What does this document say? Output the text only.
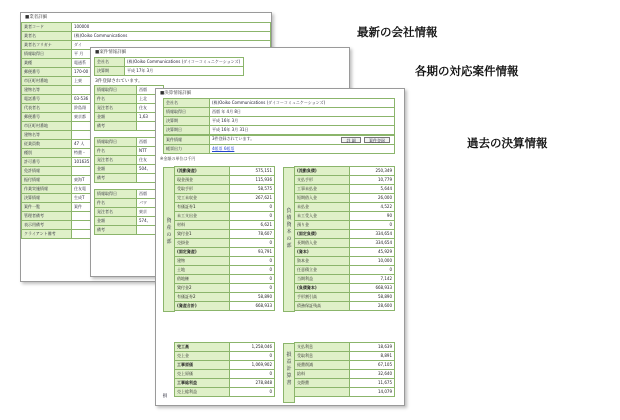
■業者詳細
業者コード	100000
業者名	(株)Ooiko Communications
業者名フリガナ	ダイ
情報取得日	平 月
業種	電通系
郵便番号	170-00
市区町村番地	上東
建物名等	
電話番号	03-536
代表者名	鈴島翔
郵便番号	東京都
市区町村番地	
建物名等	
従業員数	47 人
種別	特費・
許可番号	101635
免許情報	
振付情報	東海T
作業実施情報	住友電
決算情報	生成T
案件一覧	案件
管理者備考	
表示用備考	
クライアント備考	
■案件情報詳細
会社名	(株)Ooiko Communications (ダイコーコミュニケーションズ)
決算期	平成 17年 3月
3件登録されています。
情報取得日	西暦
件名	上北
発注者名	住友
金額	1,63
備考	
情報取得日	西暦
件名	NTT
発注者名	住友
金額	504,
備考	
情報取得日	西暦
件名	パワ
発注者名	東京
金額	574,
備考	
■決算情報詳細
会社名	(株)Ooiko Communications (ダイコーコミュニケーションズ)
情報取得日	西暦 年 4月 8日
決算期	平成 16年 3月
決算期日	平成 16年 3月 31日
案件情報	3件登録されています。 詳 細 案件登録

帳票出力	4帳票 6帳票
※金額の単位は千円
資
産
の
部
(流動資産)	575,151
現金預金	115,936
受取手形	58,575
完工未収金	267,621
有価証券1	0
未工支出金	0
材料	6,621
貸付金1	78,607
売掛金	0
(固定資産)	93,791
建物	0
土地	0
借地権	0
貸付金2	0
有価証券2	58,890
(資産合計)	668,933
負
債
資
本
の
部
(流動負債)	250,349
支払手形	10,779
工事未払金	5,644
短期借入金	26,000
未払金	4,522
未工受入金	90
預り金	0
(固定負債)	334,654
長期借入金	334,654
(資本)	45,929
資本金	10,000
任意積立金	0
当期利益	7,142
(負債資本)	668,933
手形割引高	58,890
債務保証残高	28,600
損
完工高	1,258,046
売上金	0
工事原価	1,069,902
売上原価	0
工事総利益	278,848
売上総利益	0
損
益
計
算
書
支払利息	18,639
受取利息	8,891
経費削減	67,105
給料	32,640
交際費	11,675
14,079
最新の会社情報
各期の対応案件情報
過去の決算情報
